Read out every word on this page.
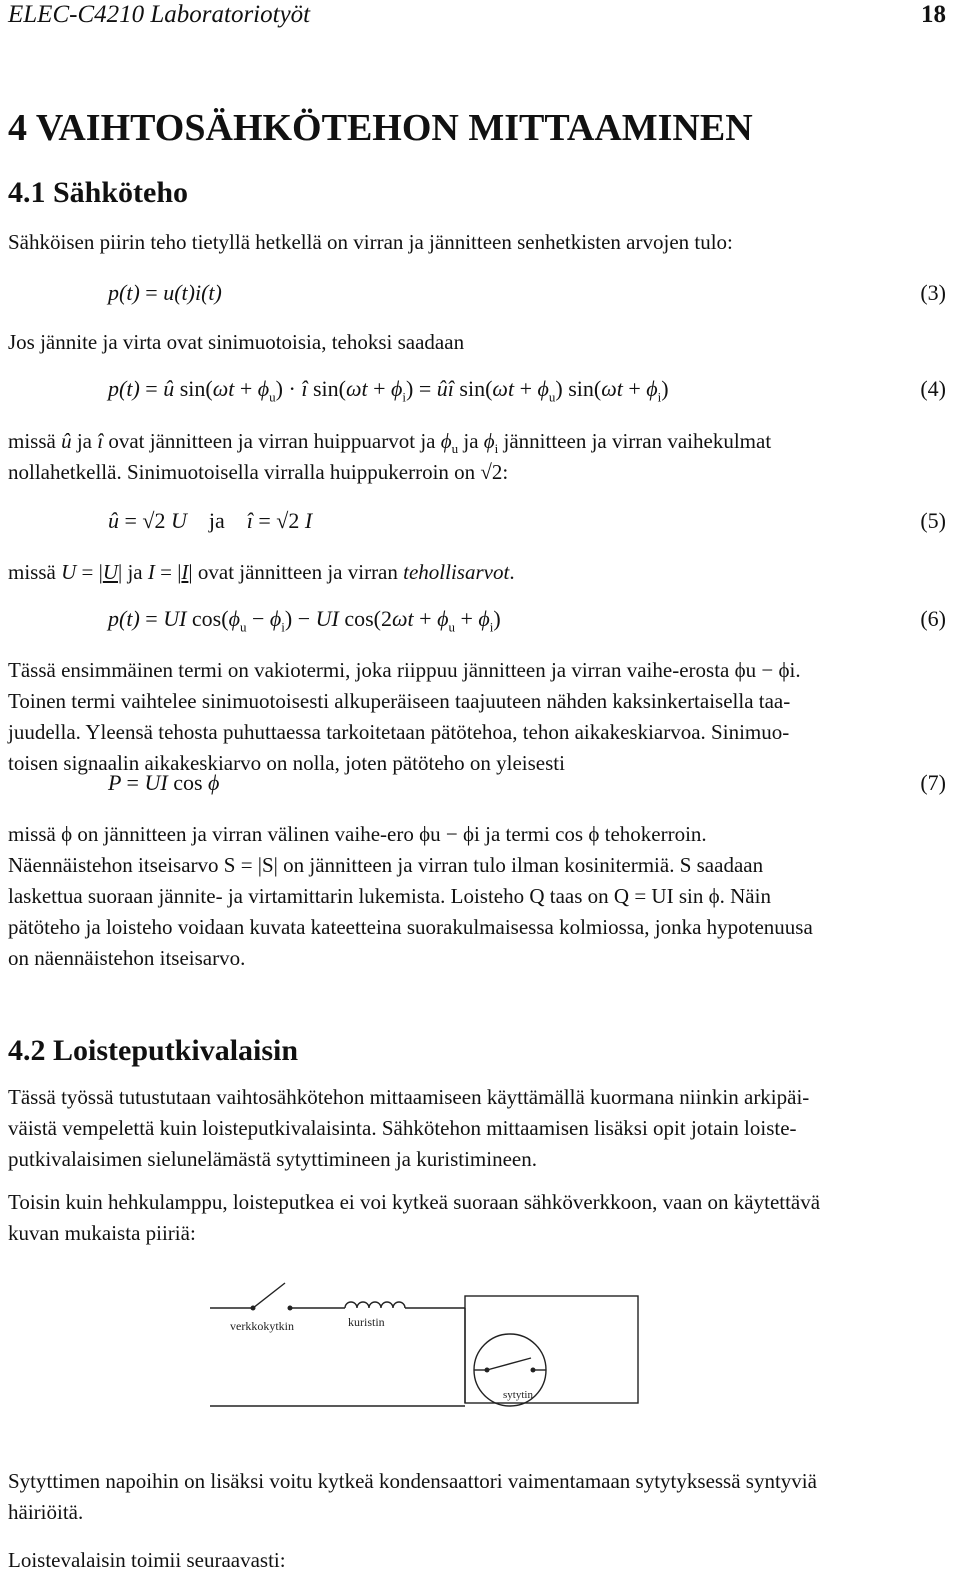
ELEC-C4210 Laboratoriotyöt	18
4 VAIHTOSÄHKÖTEHON MITTAAMINEN
4.1 Sähköteho
Sähköisen piirin teho tietyllä hetkellä on virran ja jännitteen senhetkisten arvojen tulo:
p(t) = u(t)i(t)	(3)
Jos jännite ja virta ovat sinimuotoisia, tehoksi saadaan
p(t) = û $\sin(\omega t + \phi_u)$ · î $\sin(\omega t + \phi_i)$ = ûî $\sin(\omega t + \phi_u)$ $\sin(\omega t + \phi_i)$	(4)
missä û ja î ovat jännitteen ja virran huippuarvot ja $\phi_u$ ja $\phi_i$ jännitteen ja virran vaihekulmat
nollahetkellä. Sinimuotoisella virralla huippukerroin on √2:
û = √2 U    ja    î = √2 I	(5)
missä U = |U| ja I = |I| ovat jännitteen ja virran tehollisarvot.
p(t) = UI $\cos(\phi_u - \phi_i)$ − UI $\cos(2\omega t + \phi_u + \phi_i)$	(6)
Tässä ensimmäinen termi on vakiotermi, joka riippuu jännitteen ja virran vaihe-erosta ϕu − ϕi.
Toinen termi vaihtelee sinimuotoisesti alkuperäiseen taajuuteen nähden kaksinkertaisella taa-
juudella. Yleensä tehosta puhuttaessa tarkoitetaan pätötehoa, tehon aikakeskiarvoa. Sinimuo-
toisen signaalin aikakeskiarvo on nolla, joten pätöteho on yleisesti
P = UI cos ϕ	(7)
missä ϕ on jännitteen ja virran välinen vaihe-ero ϕu − ϕi ja termi cos ϕ tehokerroin.
Näennäistehon itseisarvo S = |S| on jännitteen ja virran tulo ilman kosinitermiä. S saadaan
laskettua suoraan jännite- ja virtamittarin lukemista. Loisteho Q taas on Q = UI sin ϕ. Näin
pätöteho ja loisteho voidaan kuvata kateetteina suorakulmaisessa kolmiossa, jonka hypotenuusa
on näennäistehon itseisarvo.
4.2 Loisteputkivalaisin
Tässä työssä tutustutaan vaihtosähkötehon mittaamiseen käyttämällä kuormana niinkin arkipäi-
väistä vempelettä kuin loisteputkivalaisinta. Sähkötehon mittaamisen lisäksi opit jotain loiste-
putkivalaisimen sielunelämästä sytyttimineen ja kuristimineen.
Toisin kuin hehkulamppu, loisteputkea ei voi kytkeä suoraan sähköverkkoon, vaan on käytettävä
kuvan mukaista piiriä:
verkkokytkin	kuristin
sytytin
Sytyttimen napoihin on lisäksi voitu kytkeä kondensaattori vaimentamaan sytytyksessä syntyviä
häiriöitä.
Loistevalaisin toimii seuraavasti:
